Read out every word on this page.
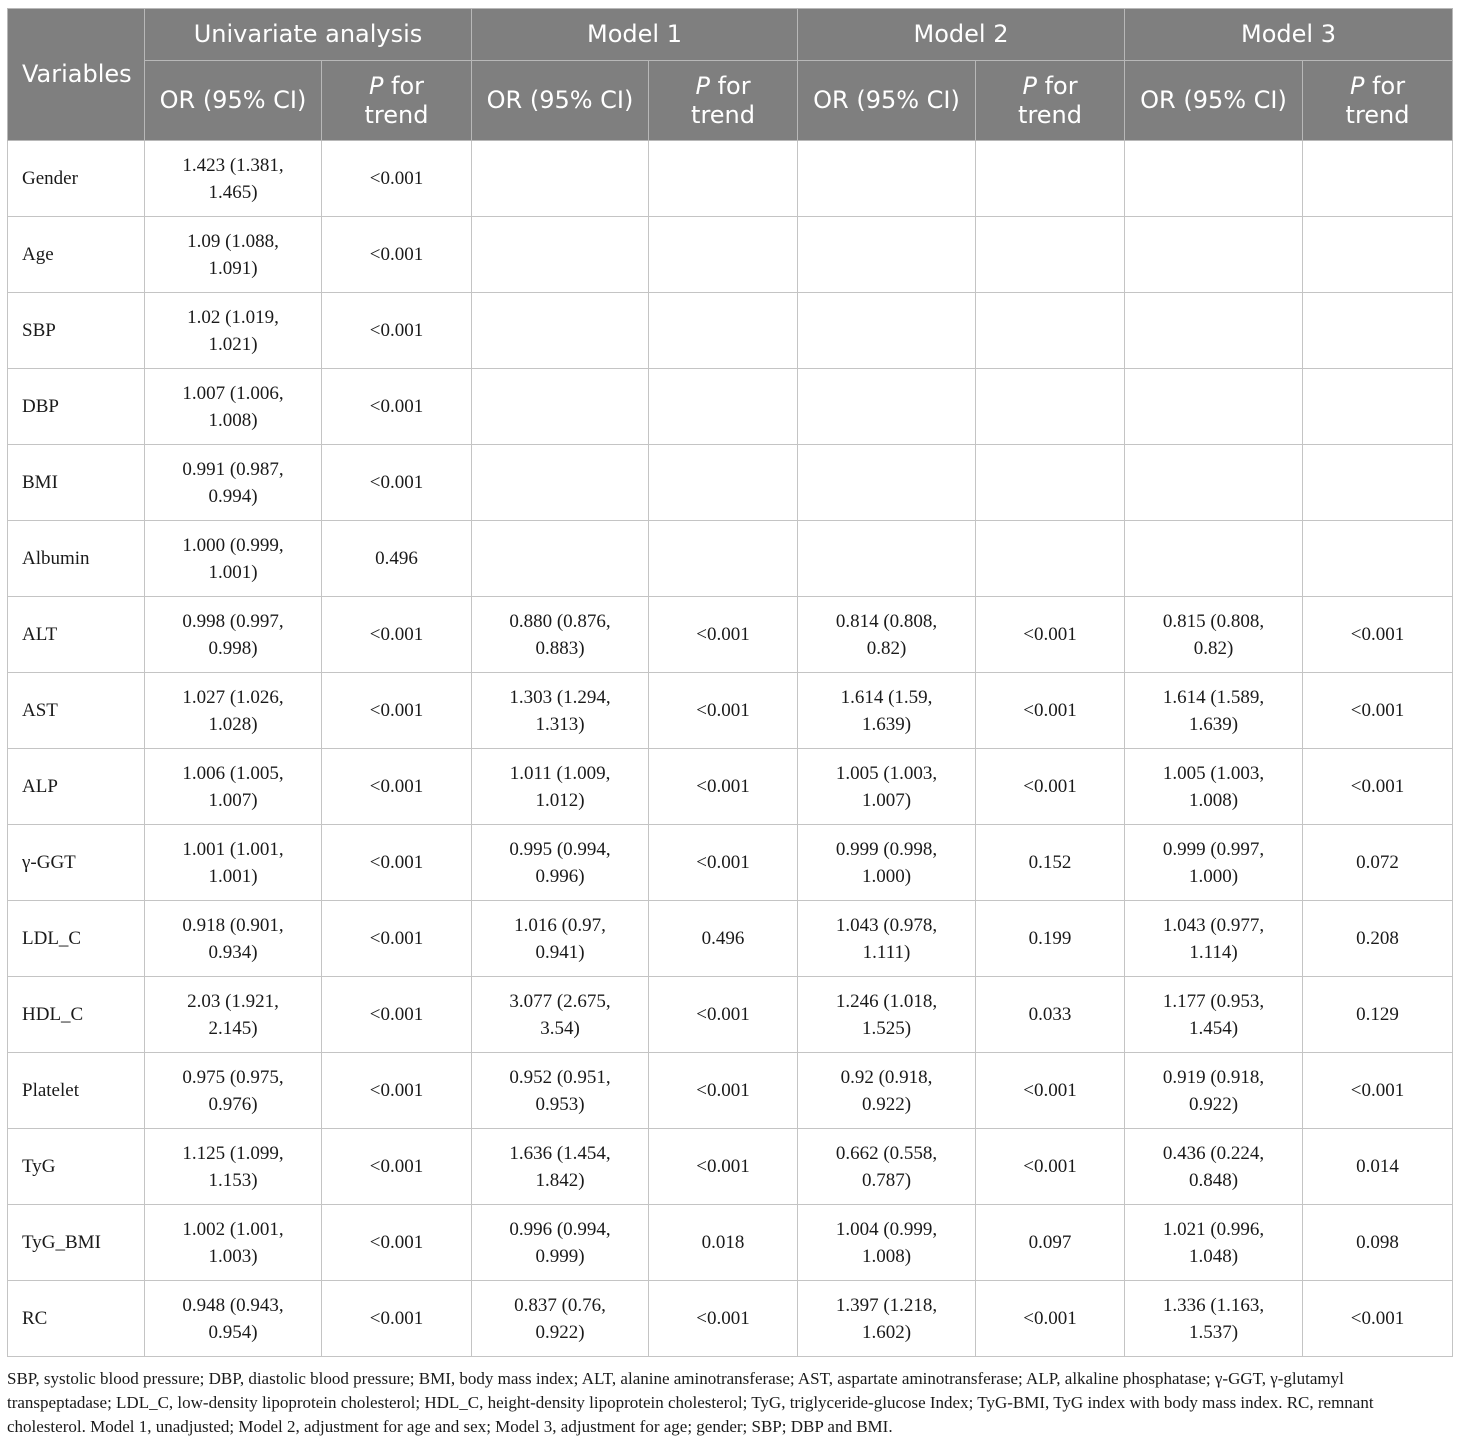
Variables	Univariate analysis		Model 1		Model 2		Model 3	
	OR (95% CI)	P for
trend	OR (95% CI)	P for
trend	OR (95% CI)	P for
trend	OR (95% CI)	P for
trend
Gender	1.423 (1.381,
1.465)	<0.001	

Age	1.09 (1.088,
1.091)	<0.001	

SBP	1.02 (1.019,
1.021)	<0.001	

DBP	1.007 (1.006,
1.008)	<0.001	

BMI	0.991 (0.987,
0.994)	<0.001	

Albumin	1.000 (0.999,
1.001)	0.496	

ALT	0.998 (0.997,
0.998)	<0.001	0.880 (0.876,
0.883)	<0.001	0.814 (0.808,
0.82)	<0.001	0.815 (0.808,
0.82)	<0.001
AST	1.027 (1.026,
1.028)	<0.001	1.303 (1.294,
1.313)	<0.001	1.614 (1.59,
1.639)	<0.001	1.614 (1.589,
1.639)	<0.001
ALP	1.006 (1.005,
1.007)	<0.001	1.011 (1.009,
1.012)	<0.001	1.005 (1.003,
1.007)	<0.001	1.005 (1.003,
1.008)	<0.001
γ-GGT	1.001 (1.001,
1.001)	<0.001	0.995 (0.994,
0.996)	<0.001	0.999 (0.998,
1.000)	0.152	0.999 (0.997,
1.000)	0.072
LDL_C	0.918 (0.901,
0.934)	<0.001	1.016 (0.97,
0.941)	0.496	1.043 (0.978,
1.111)	0.199	1.043 (0.977,
1.114)	0.208
HDL_C	2.03 (1.921,
2.145)	<0.001	3.077 (2.675,
3.54)	<0.001	1.246 (1.018,
1.525)	0.033	1.177 (0.953,
1.454)	0.129
Platelet	0.975 (0.975,
0.976)	<0.001	0.952 (0.951,
0.953)	<0.001	0.92 (0.918,
0.922)	<0.001	0.919 (0.918,
0.922)	<0.001
TyG	1.125 (1.099,
1.153)	<0.001	1.636 (1.454,
1.842)	<0.001	0.662 (0.558,
0.787)	<0.001	0.436 (0.224,
0.848)	0.014
TyG_BMI	1.002 (1.001,
1.003)	<0.001	0.996 (0.994,
0.999)	0.018	1.004 (0.999,
1.008)	0.097	1.021 (0.996,
1.048)	0.098
RC	0.948 (0.943,
0.954)	<0.001	0.837 (0.76,
0.922)	<0.001	1.397 (1.218,
1.602)	<0.001	1.336 (1.163,
1.537)	<0.001
SBP, systolic blood pressure; DBP, diastolic blood pressure; BMI, body mass index; ALT, alanine aminotransferase; AST, aspartate aminotransferase; ALP, alkaline phosphatase; γ-GGT, γ-glutamyl transpeptadase; LDL_C, low-density lipoprotein cholesterol; HDL_C, height-density lipoprotein cholesterol; TyG, triglyceride-glucose Index; TyG-BMI, TyG index with body mass index. RC, remnant cholesterol. Model 1, unadjusted; Model 2, adjustment for age and sex; Model 3, adjustment for age; gender; SBP; DBP and BMI.
